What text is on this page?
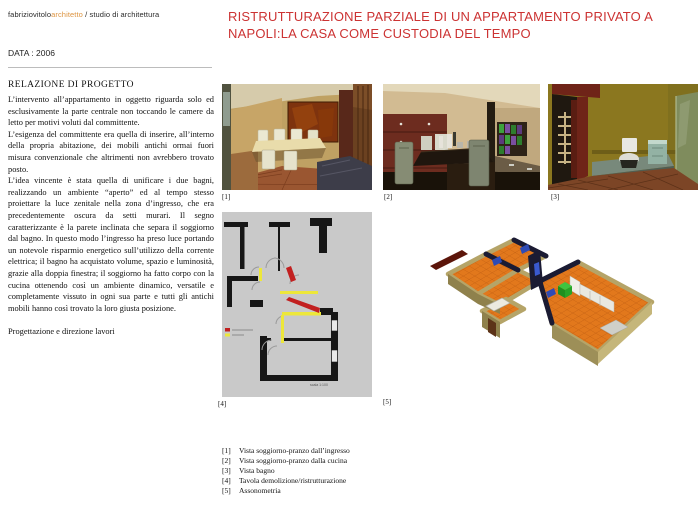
fabriziovitoloarchitetto / studio di architettura
DATA : 2006
RELAZIONE DI PROGETTO

L’intervento all’appartamento in oggetto riguarda solo ed esclusivamente la parte centrale non toccando le camere da letto per motivi voluti dal committente.

L’esigenza del committente era quella di inserire, all’interno della propria abitazione, dei mobili antichi ormai fuori misura convenzionale che altrimenti non avrebbero trovato posto.

L’idea vincente è stata quella di unificare i due bagni, realizzando un ambiente “aperto” ed al tempo stesso proiettare la luce zenitale nella zona d’ingresso, che era precedentemente oscura da setti murari. Il segno caratterizzante è la parete inclinata che separa il soggiorno dal bagno. In questo modo l’ingresso ha preso luce portando un notevole risparmio energetico sull’utilizzo della corrente elettrica; il bagno ha acquistato volume, spazio e luminosità, grazie alla doppia finestra; il soggiorno ha fatto corpo con la cucina ottenendo così un ambiente dinamico, versatile e completamente vissuto in ogni sua parte e tutti gli antichi mobili hanno così trovato la loro giusta posizione.

Progettazione e direzione lavori

RISTRUTTURAZIONE PARZIALE DI UN APPARTAMENTO PRIVATO A NAPOLI:LA CASA COME CUSTODIA DEL TEMPO
[1]	[2]	[3]
scala 1:100
[4]	[5]
[1]	Vista soggiorno-pranzo dall’ingresso
[2]	Vista soggiorno-pranzo dalla cucina
[3]	Vista bagno
[4]	Tavola demolizione/ristrutturazione
[5]	Assonometria
